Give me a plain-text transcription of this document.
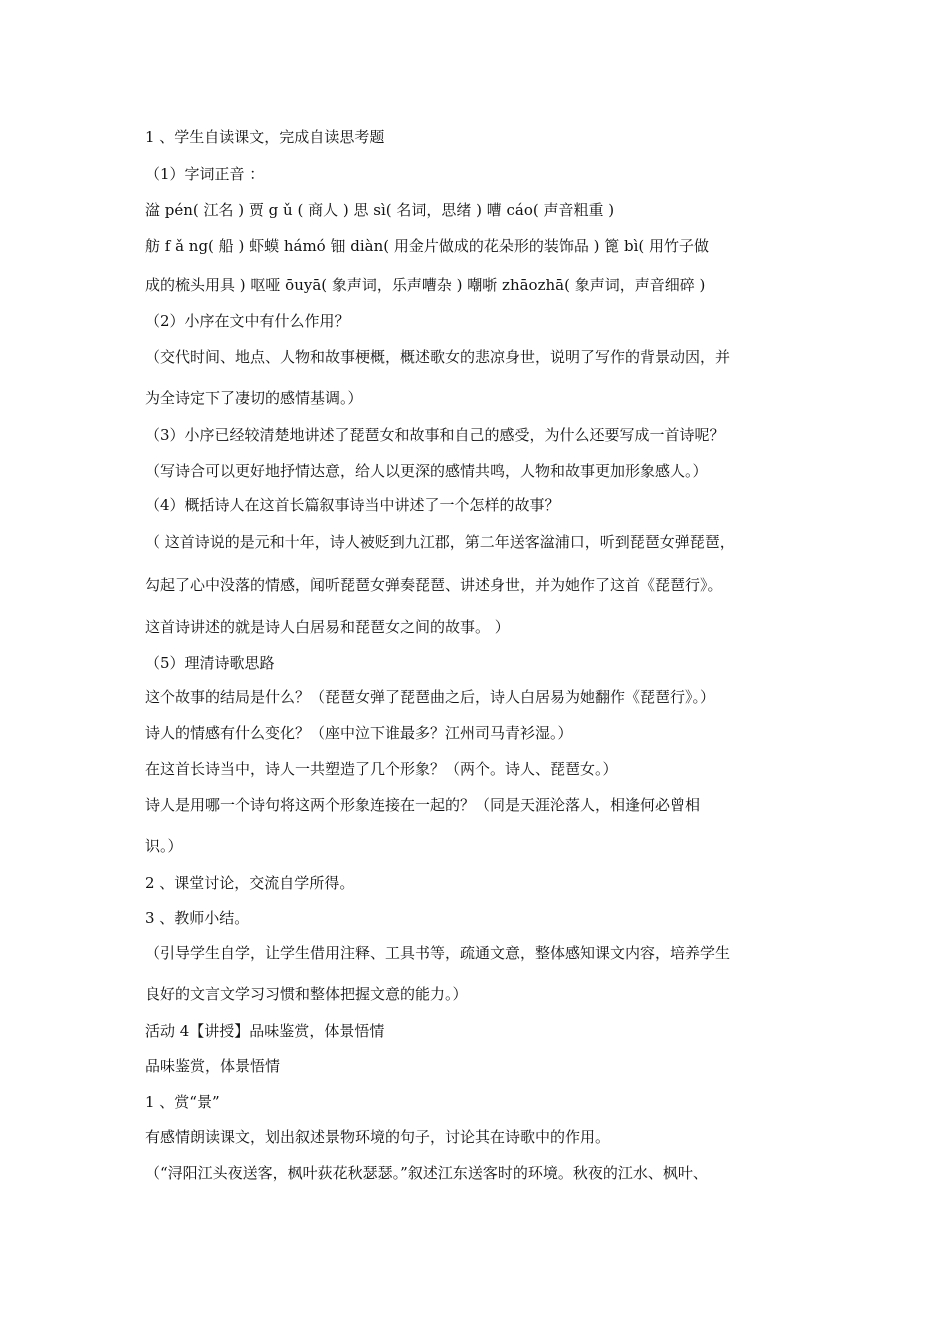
1 、学生自读课文，完成自读思考题
（1）字词正音 ：
湓 pén( 江名 ) 贾 g ǔ ( 商人 ) 思 sì( 名词，思绪 ) 嘈 cáo( 声音粗重 )
舫 f ǎ ng( 船 ) 虾蟆 hámó 钿 diàn( 用金片做成的花朵形的装饰品 ) 篦 bì( 用竹子做
成的梳头用具 ) 呕哑 ōuyā( 象声词，乐声嘈杂 ) 嘲哳 zhāozhā( 象声词，声音细碎 )
（2）小序在文中有什么作用？
（交代时间、地点、人物和故事梗概，概述歌女的悲凉身世，说明了写作的背景动因，并
为全诗定下了凄切的感情基调。）
（3）小序已经较清楚地讲述了琵琶女和故事和自己的感受，为什么还要写成一首诗呢？
（写诗合可以更好地抒情达意，给人以更深的感情共鸣，人物和故事更加形象感人。）
（4）概括诗人在这首长篇叙事诗当中讲述了一个怎样的故事？
（ 这首诗说的是元和十年，诗人被贬到九江郡，第二年送客湓浦口，听到琵琶女弹琵琶，
勾起了心中没落的情感，闻听琵琶女弹奏琵琶、讲述身世，并为她作了这首《琵琶行》。
这首诗讲述的就是诗人白居易和琵琶女之间的故事。 ）
（5）理清诗歌思路
这个故事的结局是什么？（琵琶女弹了琵琶曲之后，诗人白居易为她翻作《琵琶行》。）
诗人的情感有什么变化？（座中泣下谁最多？江州司马青衫湿。）
在这首长诗当中，诗人一共塑造了几个形象？（两个。诗人、琵琶女。）
诗人是用哪一个诗句将这两个形象连接在一起的？（同是天涯沦落人，相逢何必曾相
识。）
2 、课堂讨论，交流自学所得。
3 、教师小结。
（引导学生自学，让学生借用注释、工具书等，疏通文意，整体感知课文内容，培养学生
良好的文言文学习习惯和整体把握文意的能力。）
活动 4【讲授】品味鉴赏，体景悟情
品味鉴赏，体景悟情
1 、赏“景”
有感情朗读课文，划出叙述景物环境的句子，讨论其在诗歌中的作用。
（“浔阳江头夜送客，枫叶荻花秋瑟瑟。”叙述江东送客时的环境。秋夜的江水、枫叶、
